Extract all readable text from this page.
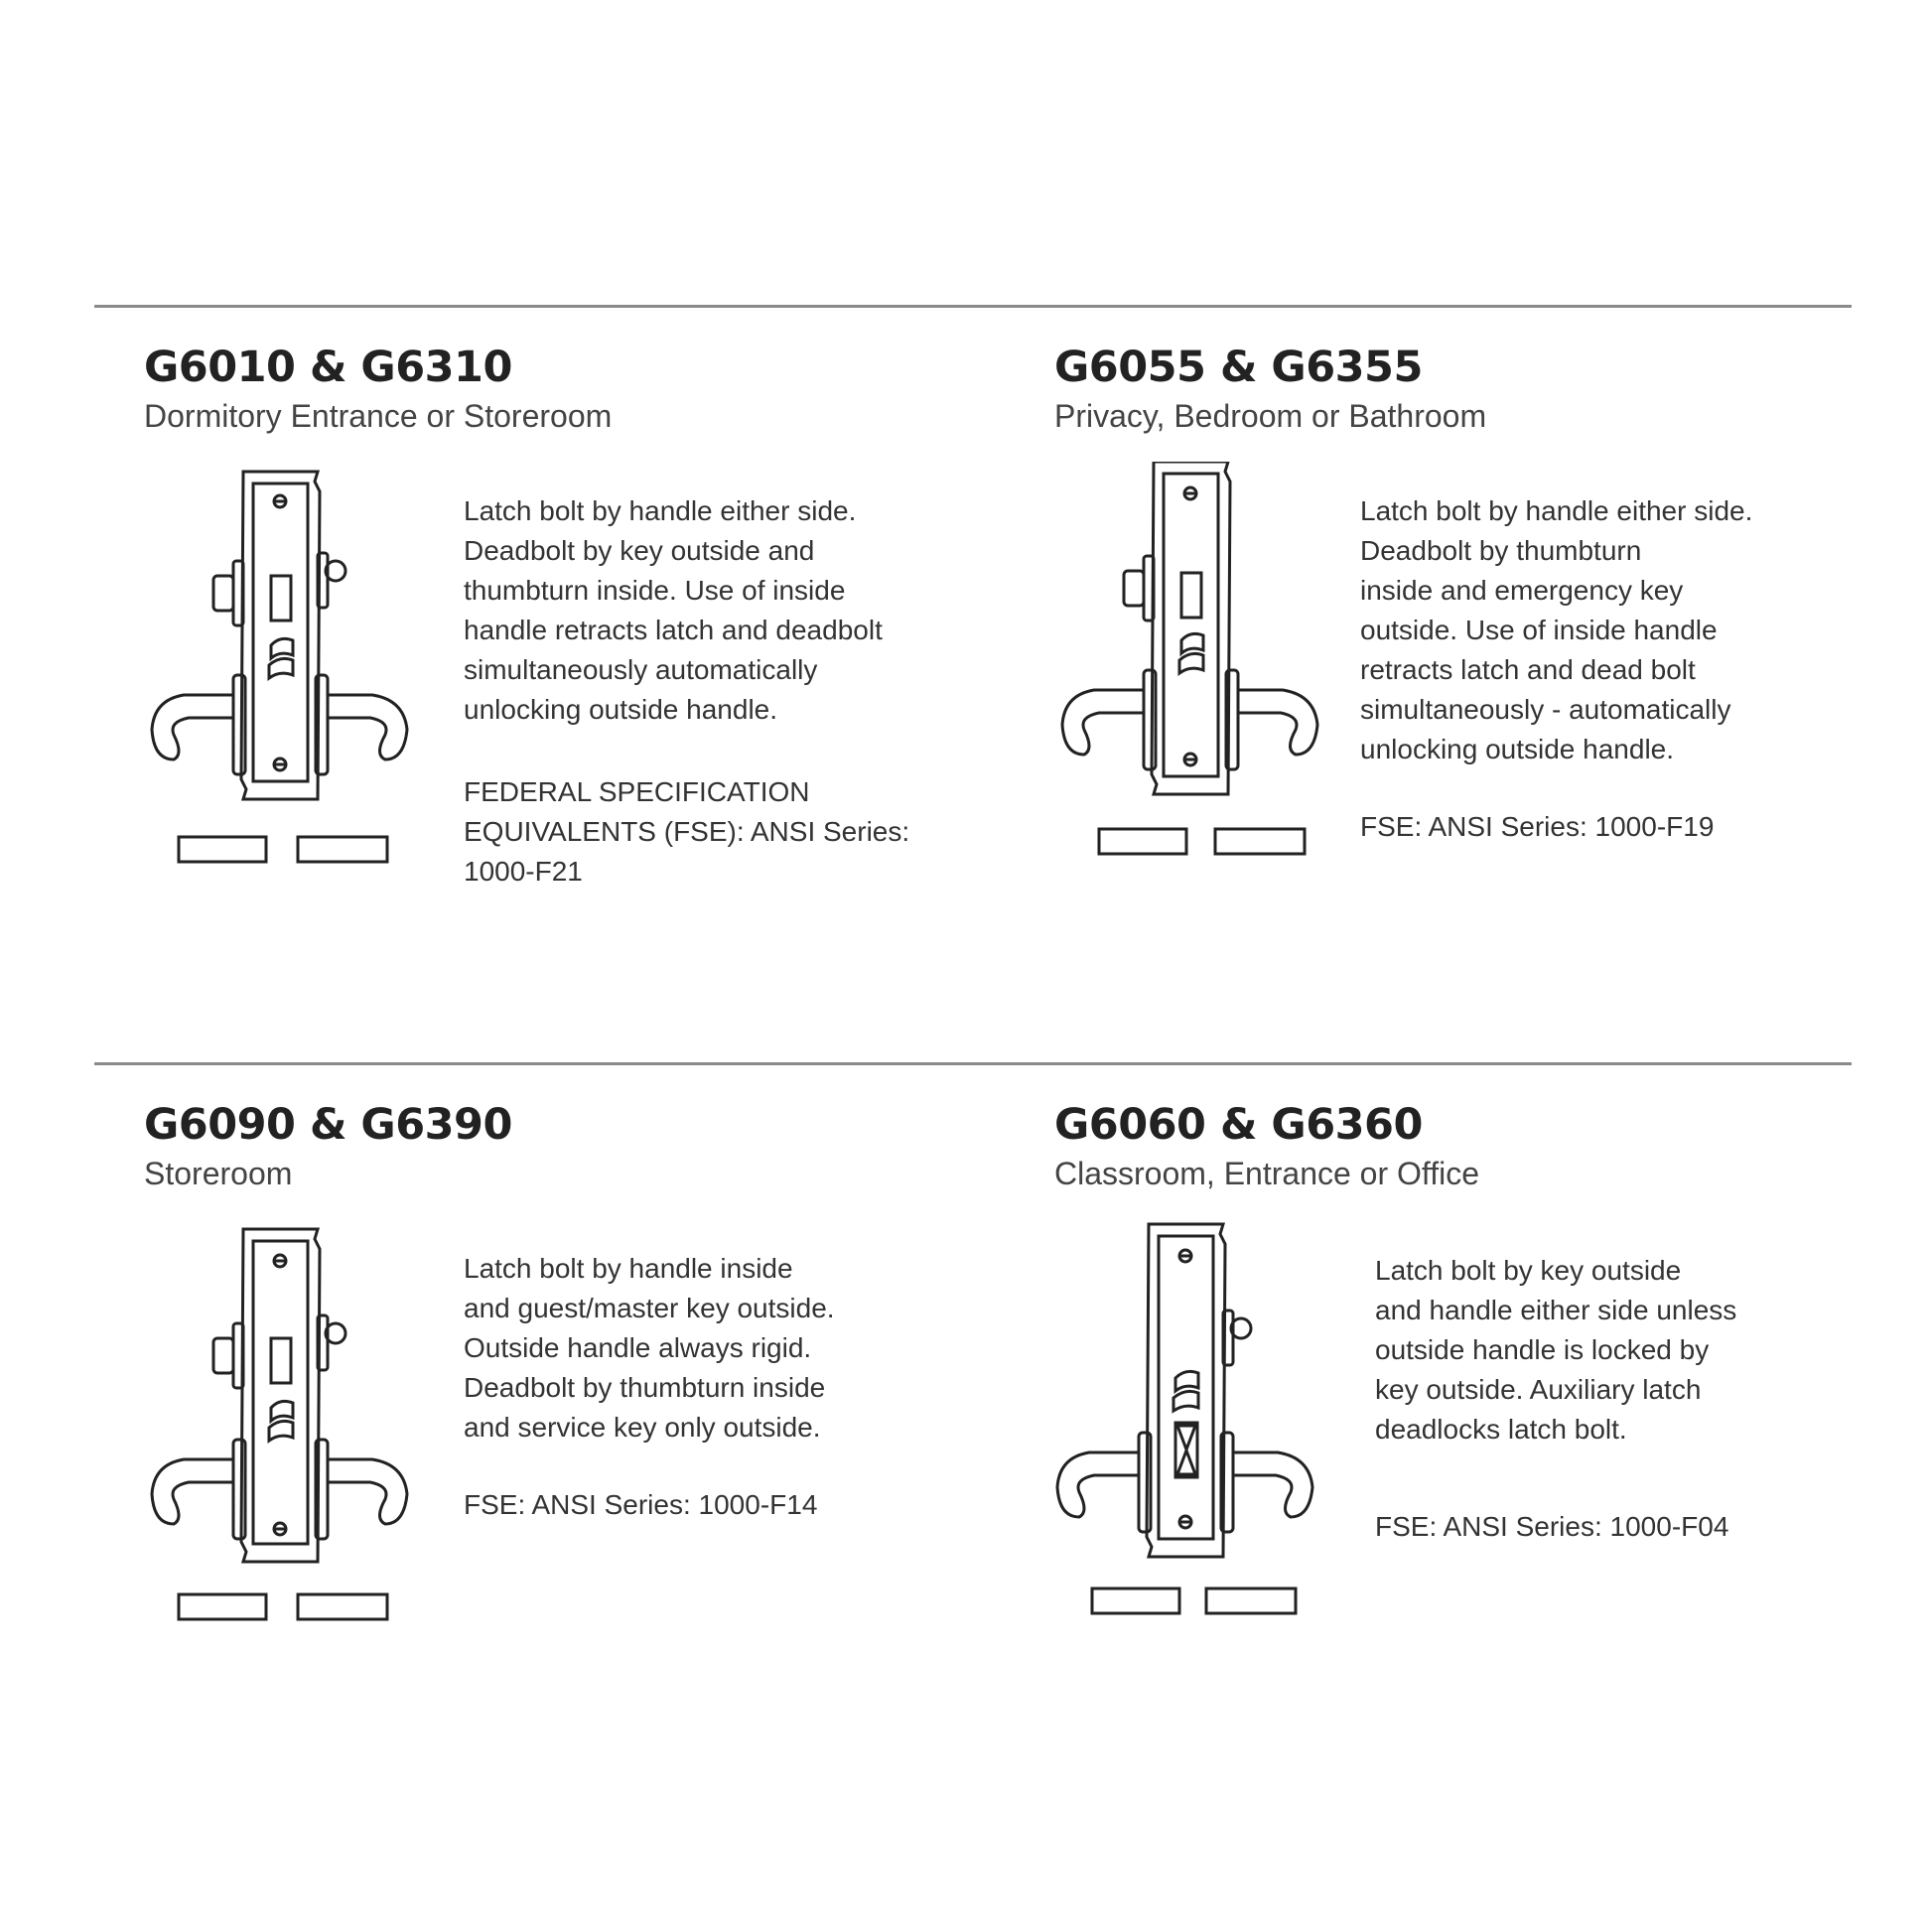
G6010 & G6310

Dormitory Entrance or Storeroom

Latch bolt by handle either side.
Deadbolt by key outside and
thumbturn inside. Use of inside
handle retracts latch and deadbolt
simultaneously automatically
unlocking outside handle.

FEDERAL SPECIFICATION
EQUIVALENTS (FSE): ANSI Series:
1000-F21

G6055 & G6355

Privacy, Bedroom or Bathroom

Latch bolt by handle either side.
Deadbolt by thumbturn
inside and emergency key
outside. Use of inside handle
retracts latch and dead bolt
simultaneously - automatically
unlocking outside handle.

FSE: ANSI Series: 1000-F19

G6090 & G6390

Storeroom

Latch bolt by handle inside
and guest/master key outside.
Outside handle always rigid.
Deadbolt by thumbturn inside
and service key only outside.

FSE: ANSI Series: 1000-F14

G6060 & G6360

Classroom, Entrance or Office

Latch bolt by key outside
and handle either side unless
outside handle is locked by
key outside. Auxiliary latch
deadlocks latch bolt.

FSE: ANSI Series: 1000-F04
